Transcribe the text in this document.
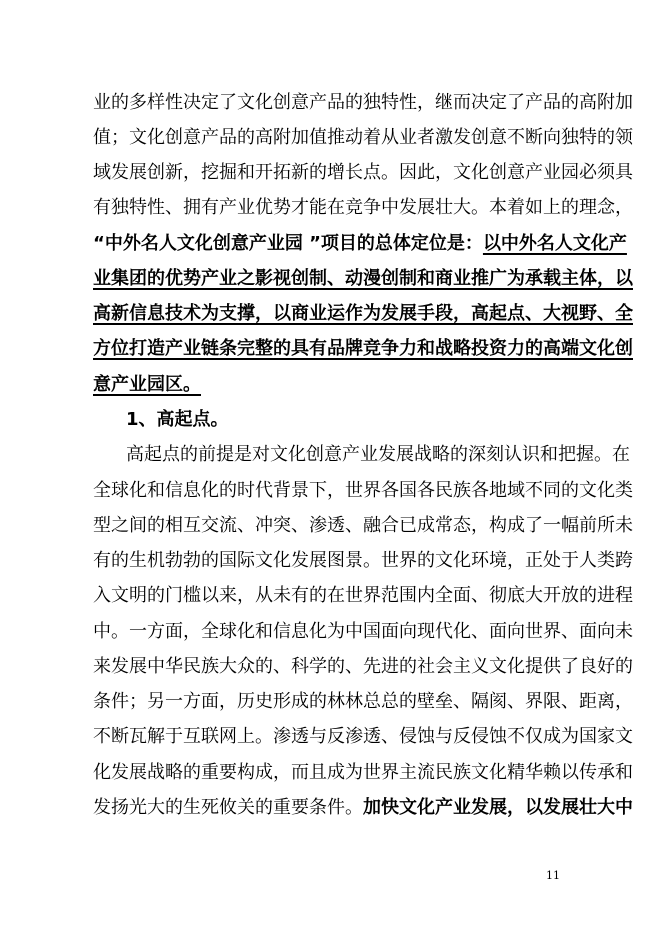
业的多样性决定了文化创意产品的独特性，继而决定了产品的高附加
值；文化创意产品的高附加值推动着从业者激发创意不断向独特的领
域发展创新，挖掘和开拓新的增长点。因此，文化创意产业园必须具
有独特性、拥有产业优势才能在竞争中发展壮大。本着如上的理念，
“中外名人文化创意产业园 ”项目的总体定位是：以中外名人文化产
业集团的优势产业之影视创制、动漫创制和商业推广为承载主体，以
高新信息技术为支撑，以商业运作为发展手段，高起点、大视野、全
方位打造产业链条完整的具有品牌竞争力和战略投资力的高端文化创
意产业园区。
1、高起点。
高起点的前提是对文化创意产业发展战略的深刻认识和把握。在
全球化和信息化的时代背景下，世界各国各民族各地域不同的文化类
型之间的相互交流、冲突、渗透、融合已成常态，构成了一幅前所未
有的生机勃勃的国际文化发展图景。世界的文化环境，正处于人类跨
入文明的门槛以来，从未有的在世界范围内全面、彻底大开放的进程
中。一方面，全球化和信息化为中国面向现代化、面向世界、面向未
来发展中华民族大众的、科学的、先进的社会主义文化提供了良好的
条件；另一方面，历史形成的林林总总的壁垒、隔阂、界限、距离，
不断瓦解于互联网上。渗透与反渗透、侵蚀与反侵蚀不仅成为国家文
化发展战略的重要构成，而且成为世界主流民族文化精华赖以传承和
发扬光大的生死攸关的重要条件。加快文化产业发展，以发展壮大中
11
